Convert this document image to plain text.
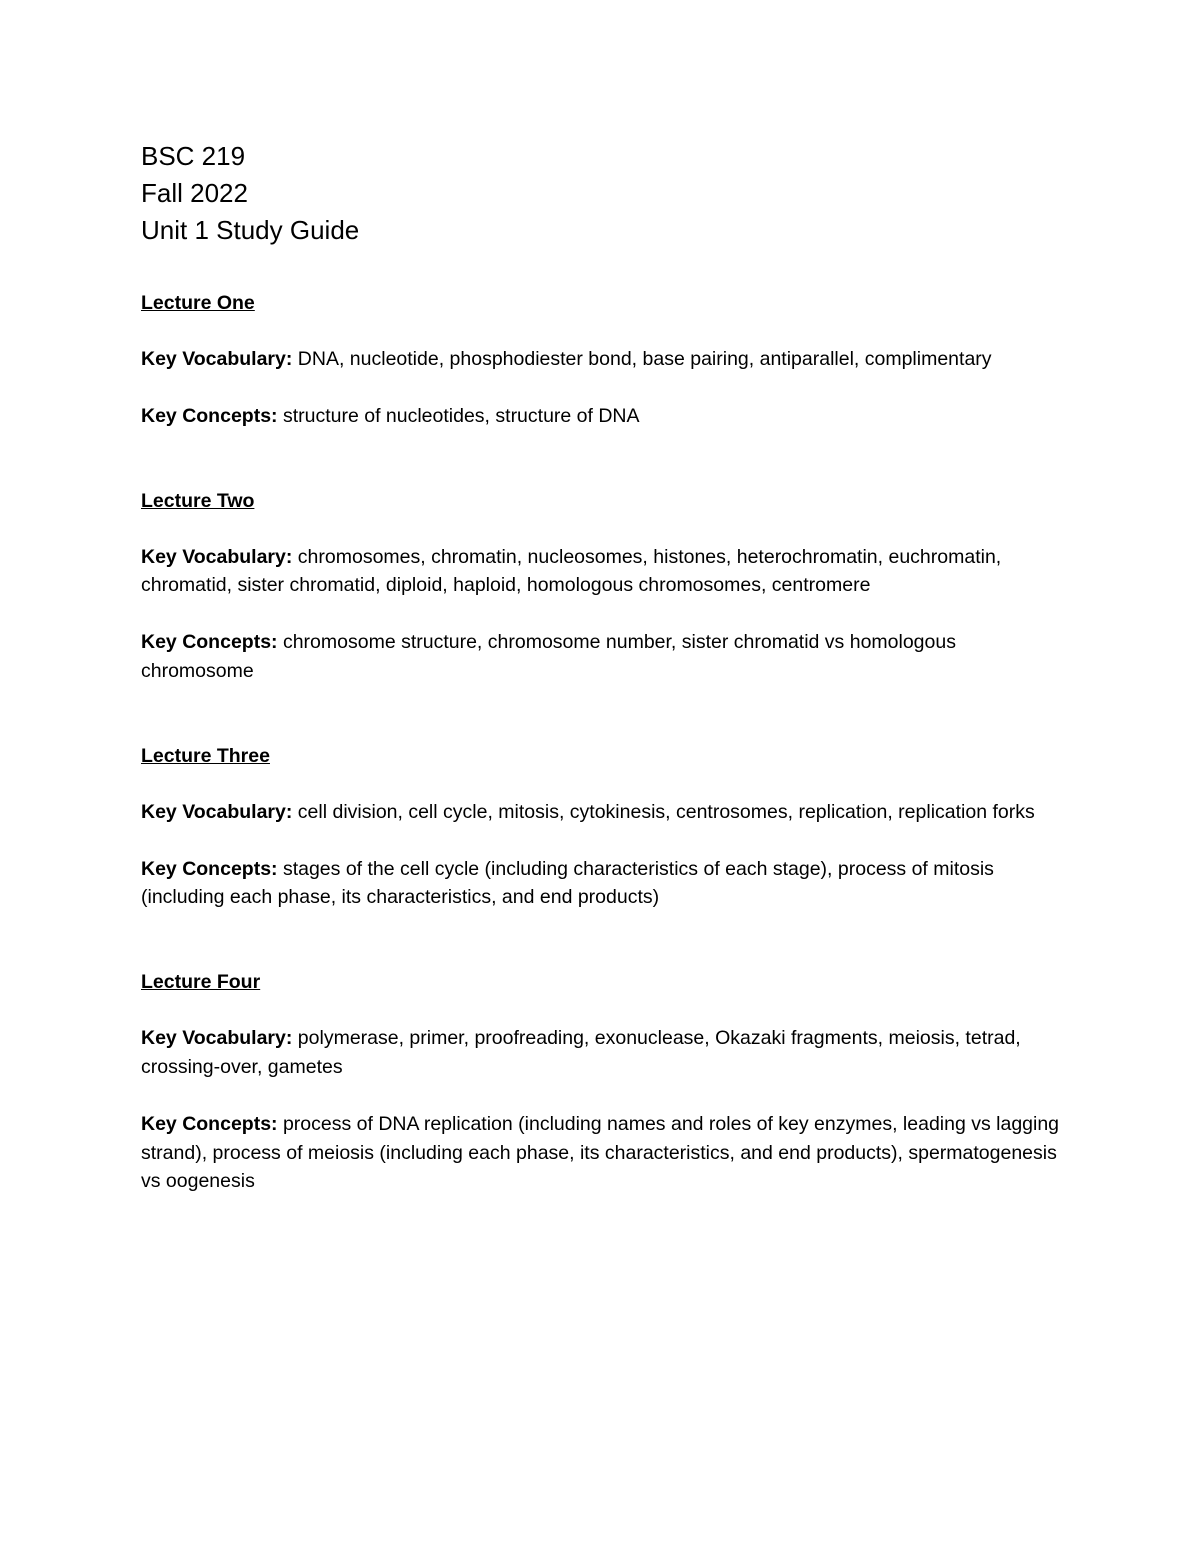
BSC 219

Fall 2022

Unit 1 Study Guide

Lecture One

Key Vocabulary: DNA, nucleotide, phosphodiester bond, base pairing, antiparallel, complimentary

Key Concepts: structure of nucleotides, structure of DNA

Lecture Two

Key Vocabulary: chromosomes, chromatin, nucleosomes, histones, heterochromatin, euchromatin, chromatid, sister chromatid, diploid, haploid, homologous chromosomes, centromere

Key Concepts: chromosome structure, chromosome number, sister chromatid vs homologous chromosome

Lecture Three

Key Vocabulary: cell division, cell cycle, mitosis, cytokinesis, centrosomes, replication, replication forks

Key Concepts: stages of the cell cycle (including characteristics of each stage), process of mitosis (including each phase, its characteristics, and end products)

Lecture Four

Key Vocabulary: polymerase, primer, proofreading, exonuclease, Okazaki fragments, meiosis, tetrad, crossing-over, gametes

Key Concepts: process of DNA replication (including names and roles of key enzymes, leading vs lagging strand), process of meiosis (including each phase, its characteristics, and end products), spermatogenesis vs oogenesis
